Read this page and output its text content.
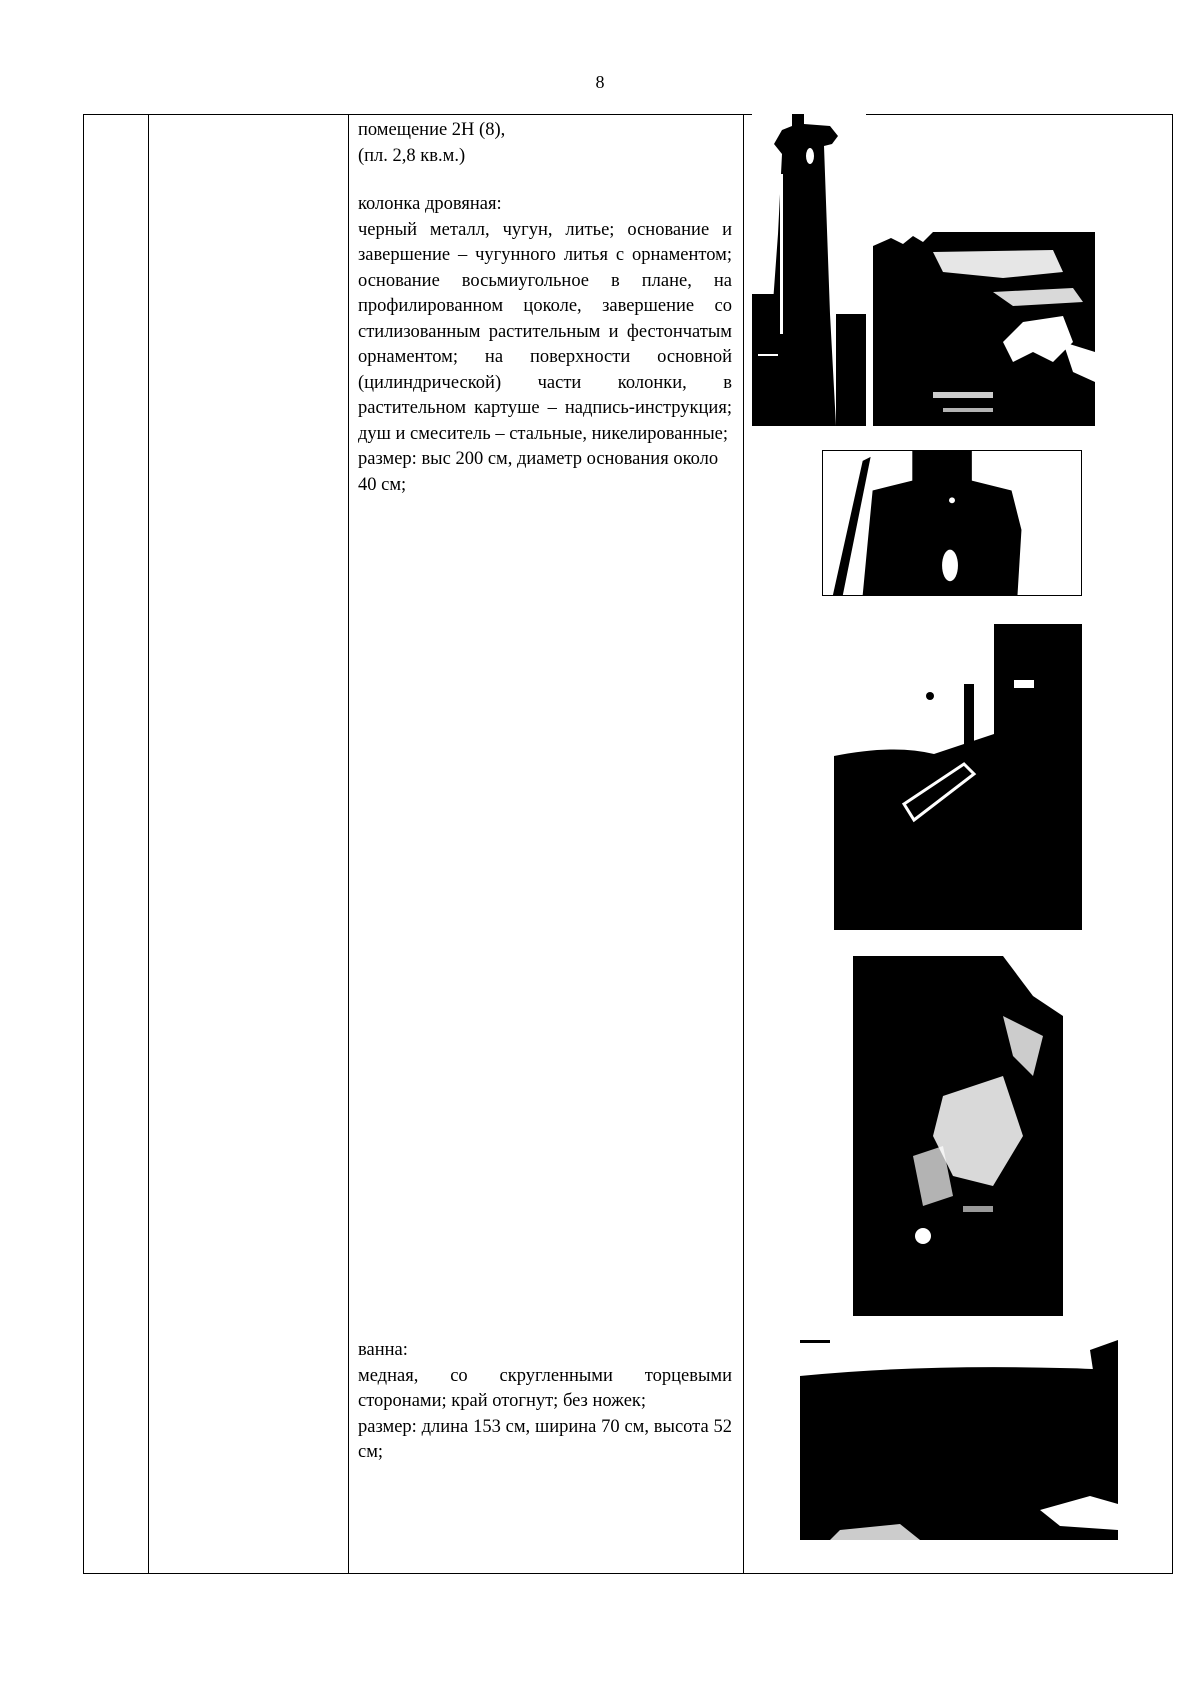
8

помещение 2Н (8),

(пл. 2,8 кв.м.)

колонка дровяная:

черный металл, чугун, литье; основание и завершение – чугунного литья с орнаментом; основание восьмиугольное в плане, на профилированном цоколе, завершение со стилизованным растительным и фестончатым орнаментом; на поверхности основной (цилиндрической) части колонки, в растительном картуше – надпись-инструкция; душ и смеситель – стальные, никелированные;

размер: выс 200 см, диаметр основания около 40 см;

ванна:

медная, со скругленными торцевыми сторонами; край отогнут; без ножек;

размер: длина 153 см, ширина 70 см, высота 52 см;
